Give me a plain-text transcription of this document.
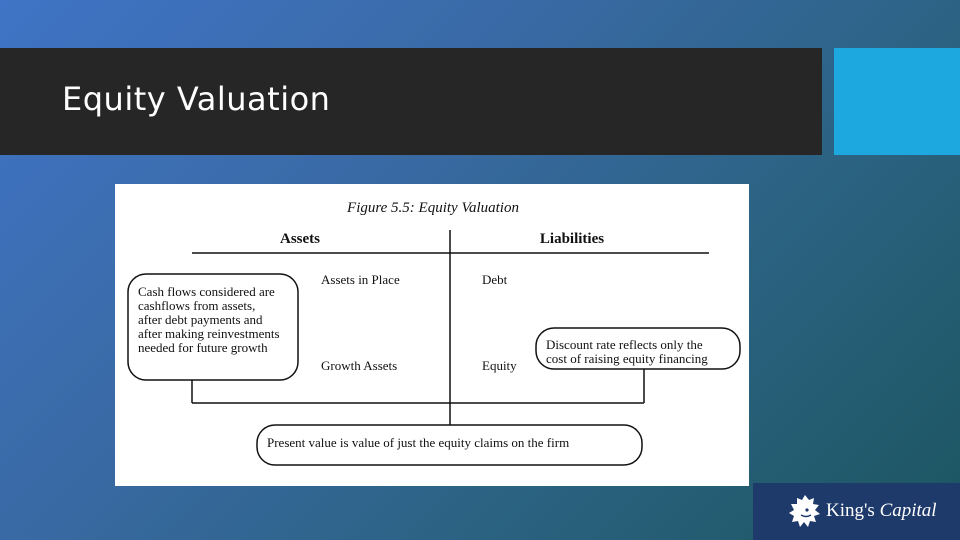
Equity Valuation
Figure 5.5: Equity Valuation
Assets	Liabilities
Assets in Place
Growth Assets
Debt
Equity
Cash flows considered are cashflows from assets, after debt payments and after making reinvestments needed for future growth	Discount rate reflects only the cost of raising equity financing
Present value is value of just the equity claims on the firm
King's Capital
